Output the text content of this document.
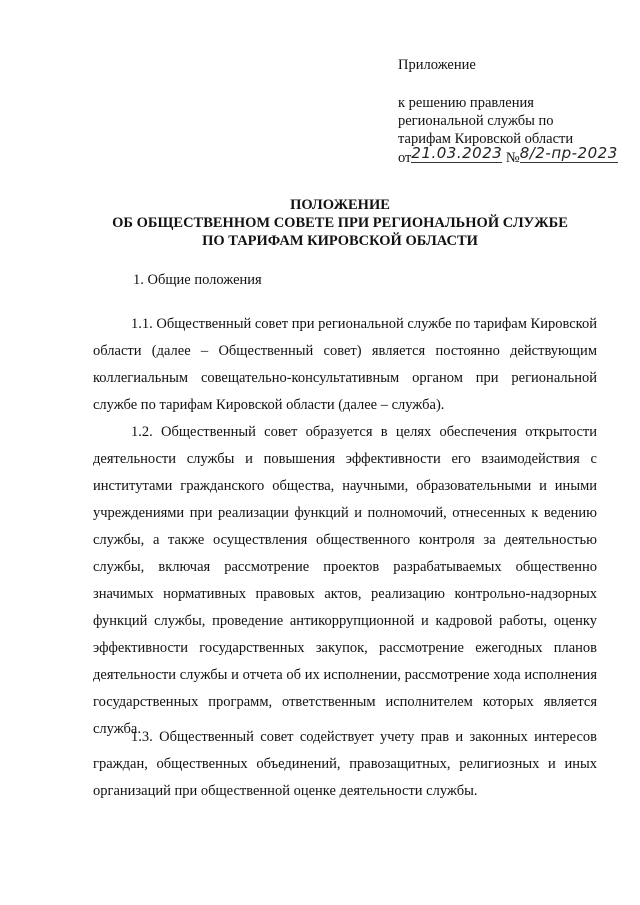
Приложение
к решению правления
региональной службы по
тарифам Кировской области
от21.03.2023 №8/2-пр-2023
ПОЛОЖЕНИЕ
ОБ ОБЩЕСТВЕННОМ СОВЕТЕ ПРИ РЕГИОНАЛЬНОЙ СЛУЖБЕ
ПО ТАРИФАМ КИРОВСКОЙ ОБЛАСТИ
1. Общие положения
1.1. Общественный совет при региональной службе по тарифам Кировской области (далее – Общественный совет) является постоянно действующим коллегиальным совещательно-консультативным органом при региональной службе по тарифам Кировской области (далее – служба).
1.2. Общественный совет образуется в целях обеспечения открытости деятельности службы и повышения эффективности его взаимодействия с институтами гражданского общества, научными, образовательными и иными учреждениями при реализации функций и полномочий, отнесенных к ведению службы, а также осуществления общественного контроля за деятельностью службы, включая рассмотрение проектов разрабатываемых общественно значимых нормативных правовых актов, реализацию контрольно-надзорных функций службы, проведение антикоррупционной и кадровой работы, оценку эффективности государственных закупок, рассмотрение ежегодных планов деятельности службы и отчета об их исполнении, рассмотрение хода исполнения государственных программ, ответственным исполнителем которых является служба.
1.3. Общественный совет содействует учету прав и законных интересов граждан, общественных объединений, правозащитных, религиозных и иных организаций при общественной оценке деятельности службы.
